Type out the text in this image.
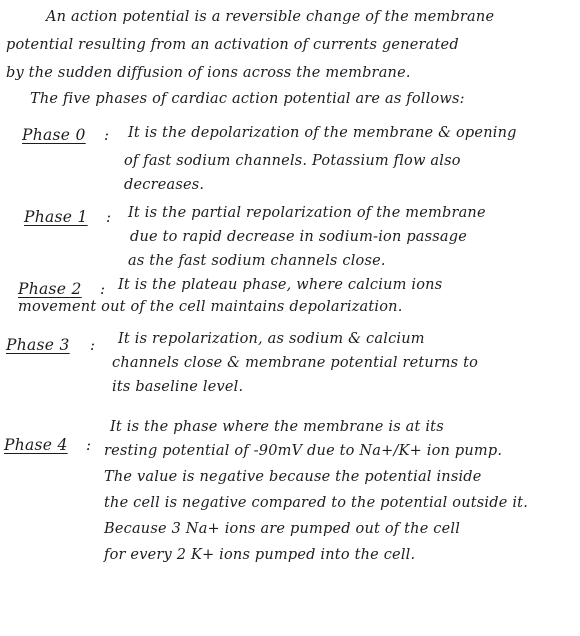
An action potential is a reversible change of the membrane
potential resulting from an activation of currents generated
by the sudden diffusion of ions across the membrane.
The five phases of cardiac action potential are as follows:
Phase 0 : It is the depolarization of the membrane & opening
of fast sodium channels. Potassium flow also
decreases.
Phase 1 : It is the partial repolarization of the membrane
due to rapid decrease in sodium-ion passage
as the fast sodium channels close.
Phase 2 : It is the plateau phase, where calcium ions
movement out of the cell maintains depolarization.
Phase 3 : It is repolarization, as sodium & calcium
channels close & membrane potential returns to
its baseline level.
Phase 4 :
It is the phase where the membrane is at its
resting potential of -90mV due to Na+/K+ ion pump.
The value is negative because the potential inside
the cell is negative compared to the potential outside it.
Because 3 Na+ ions are pumped out of the cell
for every 2 K+ ions pumped into the cell.
